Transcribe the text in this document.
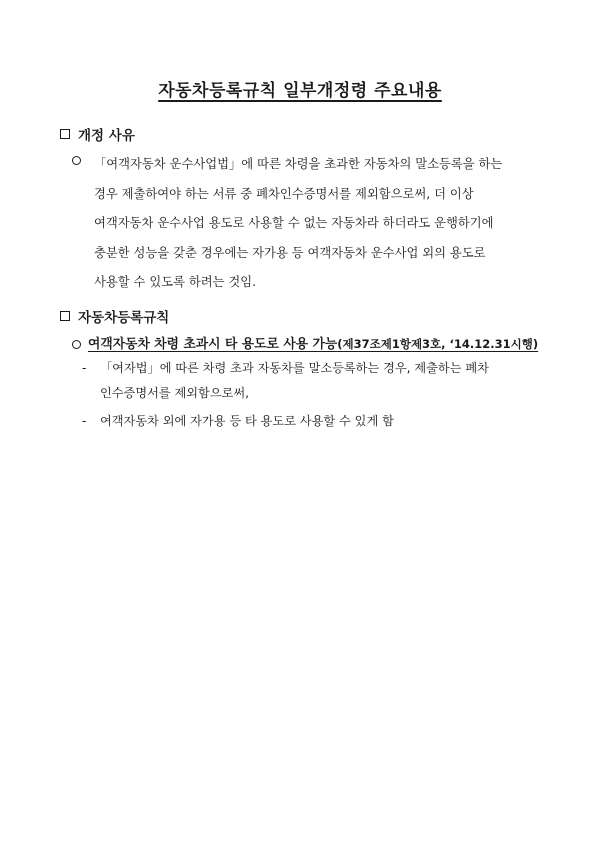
자동차등록규칙 일부개정령 주요내용
개정 사유
「여객자동차 운수사업법」에 따른 차령을 초과한 자동차의 말소등록을 하는
경우 제출하여야 하는 서류 중 폐차인수증명서를 제외함으로써, 더 이상
여객자동차 운수사업 용도로 사용할 수 없는 자동차라 하더라도 운행하기에
충분한 성능을 갖춘 경우에는 자가용 등 여객자동차 운수사업 외의 용도로
사용할 수 있도록 하려는 것임.
자동차등록규칙
여객자동차 차령 초과시 타 용도로 사용 가능(제37조제1항제3호, ‘14.12.31시행)
- 「여자법」에 따른 차령 초과 자동차를 말소등록하는 경우, 제출하는 폐차
인수증명서를 제외함으로써,
- 여객자동차 외에 자가용 등 타 용도로 사용할 수 있게 함
